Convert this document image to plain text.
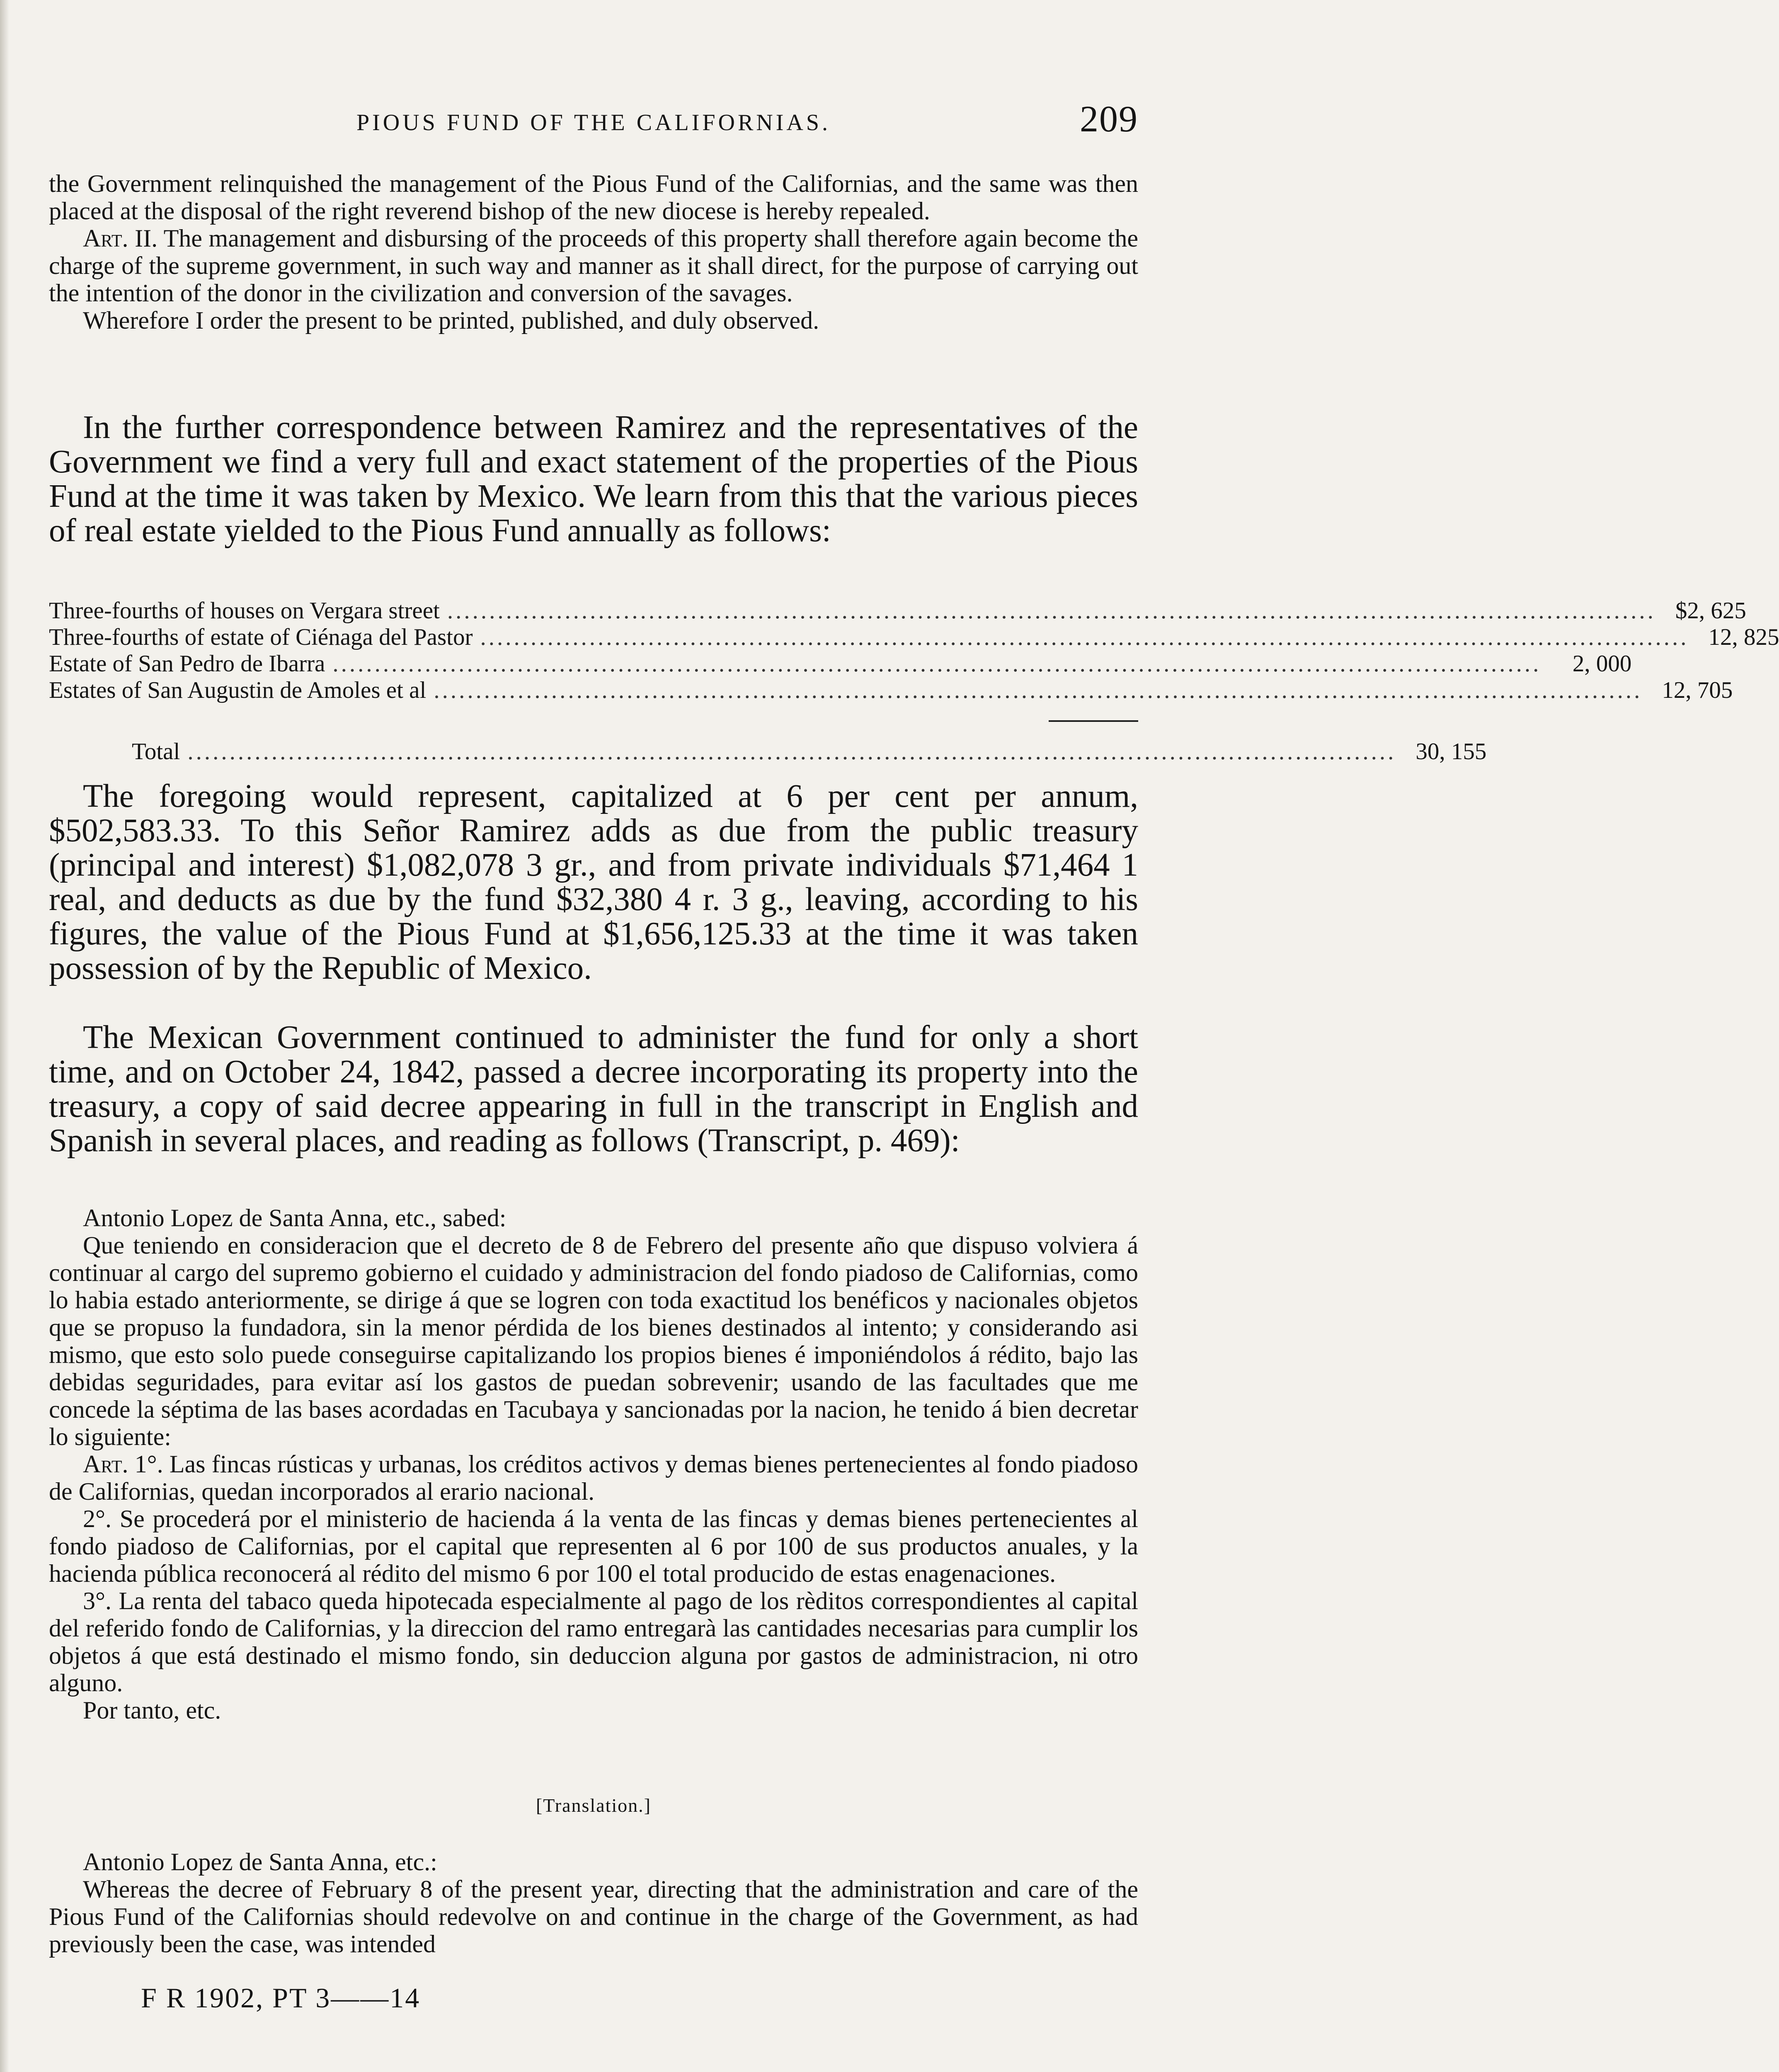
PIOUS FUND OF THE CALIFORNIAS.	209

the Government relinquished the management of the Pious Fund of the Californias, and the same was then placed at the disposal of the right reverend bishop of the new diocese is hereby repealed.

Art. II. The management and disbursing of the proceeds of this property shall therefore again become the charge of the supreme government, in such way and manner as it shall direct, for the purpose of carrying out the intention of the donor in the civilization and conversion of the savages.

Wherefore I order the present to be printed, published, and duly observed.

In the further correspondence between Ramirez and the representatives of the Government we find a very full and exact statement of the properties of the Pious Fund at the time it was taken by Mexico. We learn from this that the various pieces of real estate yielded to the Pious Fund annually as follows:

Three-fourths of houses on Vergara street ................................................................................................................................................ $2, 625
Three-fourths of estate of Ciénaga del Pastor ................................................................................................................................................ 12, 825
Estate of San Pedro de Ibarra ................................................................................................................................................	2, 000
Estates of San Augustin de Amoles et al ................................................................................................................................................ 12, 705
Total ................................................................................................................................................ 30, 155

The foregoing would represent, capitalized at 6 per cent per annum, $502,583.33. To this Señor Ramirez adds as due from the public treasury (principal and interest) $1,082,078 3 gr., and from private individuals $71,464 1 real, and deducts as due by the fund $32,380 4 r. 3 g., leaving, according to his figures, the value of the Pious Fund at $1,656,125.33 at the time it was taken possession of by the Republic of Mexico.

The Mexican Government continued to administer the fund for only a short time, and on October 24, 1842, passed a decree incorporating its property into the treasury, a copy of said decree appearing in full in the transcript in English and Spanish in several places, and reading as follows (Transcript, p. 469):

Antonio Lopez de Santa Anna, etc., sabed:

Que teniendo en consideracion que el decreto de 8 de Febrero del presente año que dispuso volviera á continuar al cargo del supremo gobierno el cuidado y administracion del fondo piadoso de Californias, como lo habia estado anteriormente, se dirige á que se logren con toda exactitud los benéficos y nacionales objetos que se propuso la fundadora, sin la menor pérdida de los bienes destinados al intento; y considerando asi mismo, que esto solo puede conseguirse capitalizando los propios bienes é imponiéndolos á rédito, bajo las debidas seguridades, para evitar así los gastos de puedan sobrevenir; usando de las facultades que me concede la séptima de las bases acordadas en Tacubaya y sancionadas por la nacion, he tenido á bien decretar lo siguiente:

Art. 1°. Las fincas rústicas y urbanas, los créditos activos y demas bienes pertenecientes al fondo piadoso de Californias, quedan incorporados al erario nacional.

2°. Se procederá por el ministerio de hacienda á la venta de las fincas y demas bienes pertenecientes al fondo piadoso de Californias, por el capital que representen al 6 por 100 de sus productos anuales, y la hacienda pública reconocerá al rédito del mismo 6 por 100 el total producido de estas enagenaciones.

3°. La renta del tabaco queda hipotecada especialmente al pago de los rèditos correspondientes al capital del referido fondo de Californias, y la direccion del ramo entregarà las cantidades necesarias para cumplir los objetos á que está destinado el mismo fondo, sin deduccion alguna por gastos de administracion, ni otro alguno.

Por tanto, etc.

[Translation.]

Antonio Lopez de Santa Anna, etc.:

Whereas the decree of February 8 of the present year, directing that the administration and care of the Pious Fund of the Californias should redevolve on and continue in the charge of the Government, as had previously been the case, was intended

F R 1902, PT 3——14
